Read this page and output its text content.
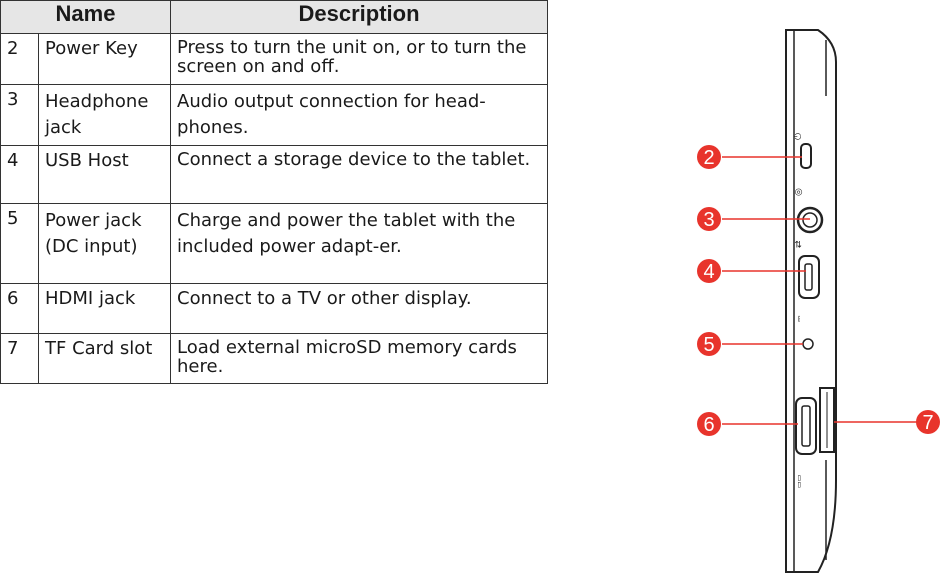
Name		Description
2	Power Key	Press to turn the unit on, or to turn the screen on and off.
3	Headphone jack	Audio output connection for head-phones.
4	USB Host	Connect a storage device to the tablet.
5	Power jack (DC input)	Charge and power the tablet with the included power adapt-er.
6	HDMI jack	Connect to a TV or other display.
7	TF Card slot	Load external microSD memory cards here.
⏻
◎
⇄
⎓
▭▭
2
3
4
5
6	7
